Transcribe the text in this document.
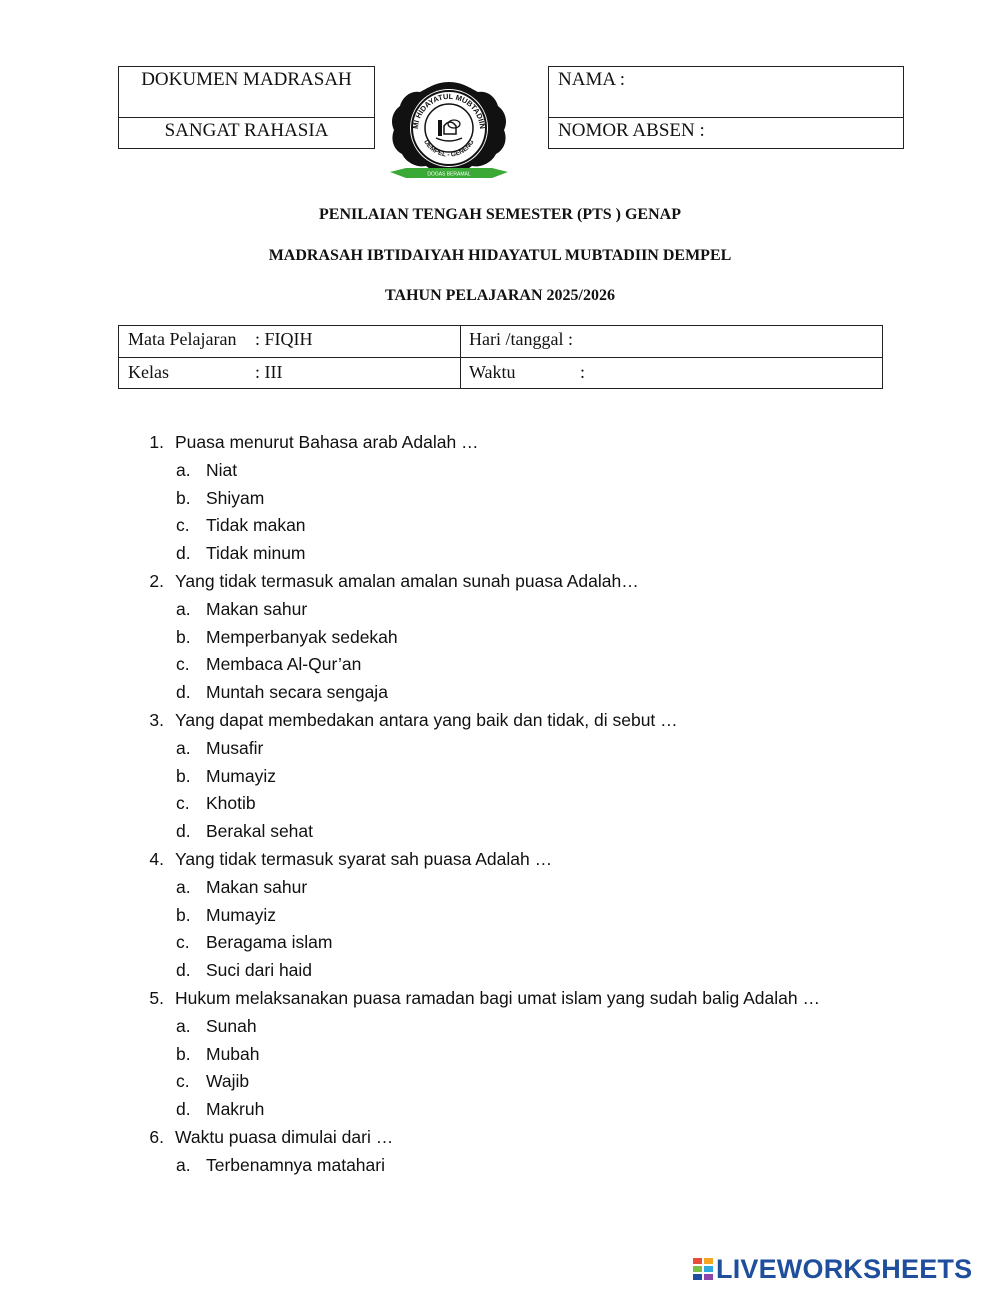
DOKUMEN MADRASAH
SANGAT RAHASIA	MI HIDAYATUL MUBTADIIN
DEMPEL - GENENG
DOGAS BERAMAL
NAMA :
NOMOR ABSEN :
PENILAIAN TENGAH SEMESTER (PTS ) GENAP
MADRASAH IBTIDAIYAH HIDAYATUL MUBTADIIN DEMPEL
TAHUN PELAJARAN 2025/2026
Mata Pelajaran : FIQIH	Hari /tanggal :
Kelas	: III	Waktu	:
1. Puasa menurut Bahasa arab Adalah …
a. Niat
b. Shiyam
c. Tidak makan
d. Tidak minum
2. Yang tidak termasuk amalan amalan sunah puasa Adalah…
a. Makan sahur
b. Memperbanyak sedekah
c. Membaca Al-Qur’an
d. Muntah secara sengaja
3. Yang dapat membedakan antara yang baik dan tidak, di sebut …
a. Musafir
b. Mumayiz
c. Khotib
d. Berakal sehat
4. Yang tidak termasuk syarat sah puasa Adalah …
a. Makan sahur
b. Mumayiz
c. Beragama islam
d. Suci dari haid
5. Hukum melaksanakan puasa ramadan bagi umat islam yang sudah balig Adalah …
a. Sunah
b. Mubah
c. Wajib
d. Makruh
6. Waktu puasa dimulai dari …
a. Terbenamnya matahari
LIVEWORKSHEETS
